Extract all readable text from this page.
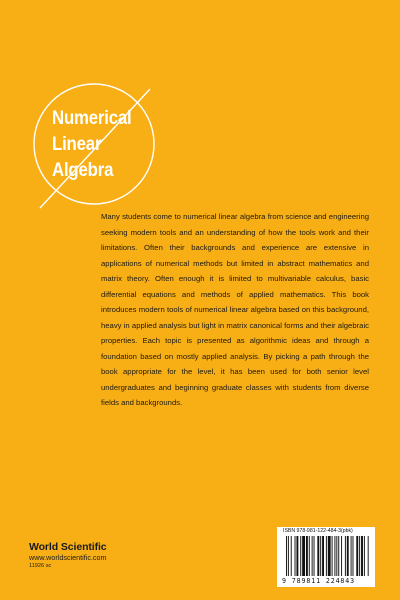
Numerical
Linear
Algebra
Many students come to numerical linear algebra from science and engineering seeking modern tools and an understanding of how the tools work and their limitations. Often their backgrounds and experience are extensive in applications of numerical methods but limited in abstract mathematics and matrix theory. Often enough it is limited to multivariable calculus, basic differential equations and methods of applied mathematics. This book introduces modern tools of numerical linear algebra based on this background, heavy in applied analysis but light in matrix canonical forms and their algebraic properties. Each topic is presented as algorithmic ideas and through a foundation based on mostly applied analysis. By picking a path through the book appropriate for the level, it has been used for both senior level undergraduates and beginning graduate classes with students from diverse fields and backgrounds.
World Scientific
www.worldscientific.com
11926 sc
ISBN 978-981-122-484-3(pbk)
9 789811 224843
